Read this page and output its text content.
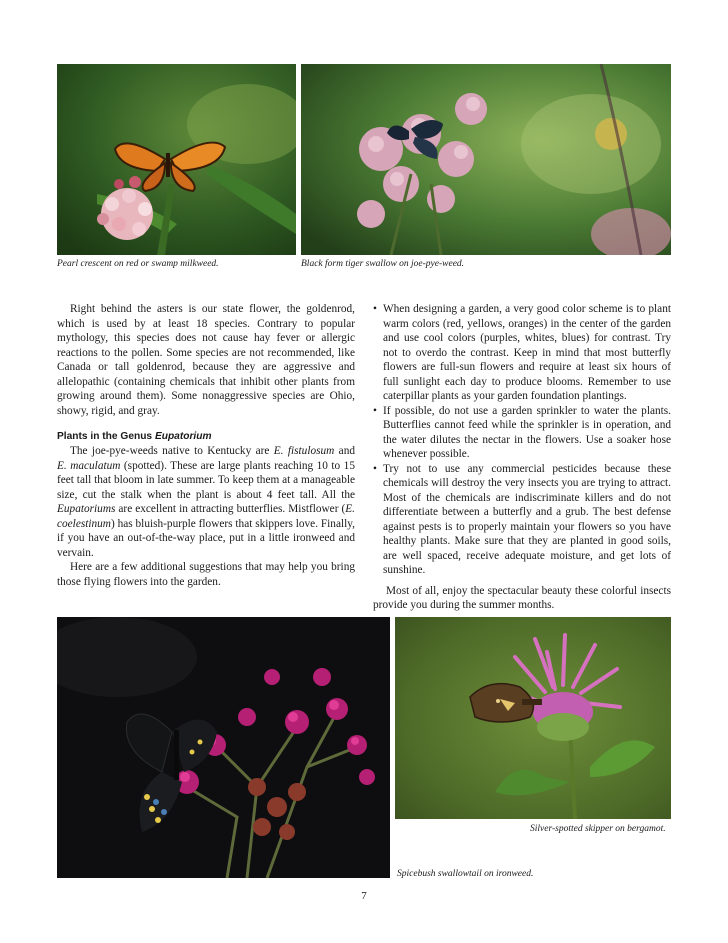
Pearl crescent on red or swamp milkweed.	Black form tiger swallow on joe-pye-weed.

Right behind the asters is our state flower, the goldenrod, which is used by at least 18 species. Contrary to popular mythology, this species does not cause hay fever or allergic reactions to the pollen. Some species are not recommended, like Canada or tall goldenrod, because they are aggressive and allelopathic (containing chemicals that inhibit other plants from growing around them). Some nonaggressive species are Ohio, showy, rigid, and gray.

Plants in the Genus Eupatorium

The joe-pye-weeds native to Kentucky are E. fistulosum and E. maculatum (spotted). These are large plants reaching 10 to 15 feet tall that bloom in late summer. To keep them at a manageable size, cut the stalk when the plant is about 4 feet tall. All the Eupatoriums are excellent in attracting butterflies. Mistflower (E. coelestinum) has bluish-purple flowers that skippers love. Finally, if you have an out-of-the-way place, put in a little ironweed and vervain.

Here are a few additional suggestions that may help you bring those flying flowers into the garden.

• When designing a garden, a very good color scheme is to plant warm colors (red, yellows, oranges) in the center of the garden and use cool colors (purples, whites, blues) for contrast. Try not to overdo the contrast. Keep in mind that most butterfly flowers are full-sun flowers and require at least six hours of full sunlight each day to produce blooms. Remember to use caterpillar plants as your garden foundation plantings.
• If possible, do not use a garden sprinkler to water the plants. Butterflies cannot feed while the sprinkler is in operation, and the water dilutes the nectar in the flowers. Use a soaker hose whenever possible.
• Try not to use any commercial pesticides because these chemicals will destroy the very insects you are trying to attract. Most of the chemicals are indiscriminate killers and do not differentiate between a butterfly and a grub. The best defense against pests is to properly maintain your flowers so you have healthy plants. Make sure that they are planted in good soils, are well spaced, receive adequate moisture, and get lots of sunshine.

Most of all, enjoy the spectacular beauty these colorful insects provide you during the summer months.

Spicebush swallowtail on ironweed.
Silver-spotted skipper on bergamot.
7
